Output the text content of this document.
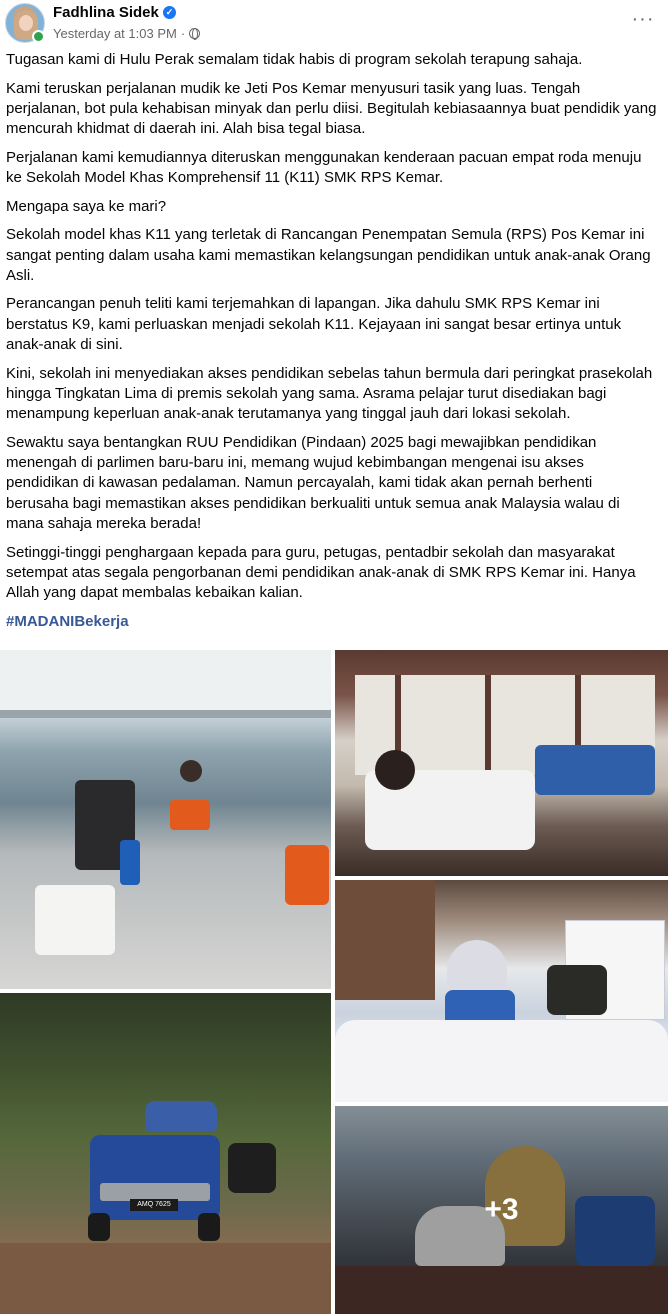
Fadhlina Sidek ✓
Yesterday at 1:03 PM ·
···

Tugasan kami di Hulu Perak semalam tidak habis di program sekolah terapung sahaja.

Kami teruskan perjalanan mudik ke Jeti Pos Kemar menyusuri tasik yang luas. Tengah perjalanan, bot pula kehabisan minyak dan perlu diisi. Begitulah kebiasaannya buat pendidik yang mencurah khidmat di daerah ini. Alah bisa tegal biasa.

Perjalanan kami kemudiannya diteruskan menggunakan kenderaan pacuan empat roda menuju ke Sekolah Model Khas Komprehensif 11 (K11) SMK RPS Kemar.

Mengapa saya ke mari?

Sekolah model khas K11 yang terletak di Rancangan Penempatan Semula (RPS) Pos Kemar ini sangat penting dalam usaha kami memastikan kelangsungan pendidikan untuk anak-anak Orang Asli.

Perancangan penuh teliti kami terjemahkan di lapangan. Jika dahulu SMK RPS Kemar ini berstatus K9, kami perluaskan menjadi sekolah K11. Kejayaan ini sangat besar ertinya untuk anak-anak di sini.

Kini, sekolah ini menyediakan akses pendidikan sebelas tahun bermula dari peringkat prasekolah hingga Tingkatan Lima di premis sekolah yang sama. Asrama pelajar turut disediakan bagi menampung keperluan anak-anak terutamanya yang tinggal jauh dari lokasi sekolah.

Sewaktu saya bentangkan RUU Pendidikan (Pindaan) 2025 bagi mewajibkan pendidikan menengah di parlimen baru-baru ini, memang wujud kebimbangan mengenai isu akses pendidikan di kawasan pedalaman. Namun percayalah, kami tidak akan pernah berhenti berusaha bagi memastikan akses pendidikan berkualiti untuk semua anak Malaysia walau di mana sahaja mereka berada!

Setinggi-tinggi penghargaan kepada para guru, petugas, pentadbir sekolah dan masyarakat setempat atas segala pengorbanan demi pendidikan anak-anak di SMK RPS Kemar ini. Hanya Allah yang dapat membalas kebaikan kalian.

#MADANIBekerja

AMQ 7625	+3
